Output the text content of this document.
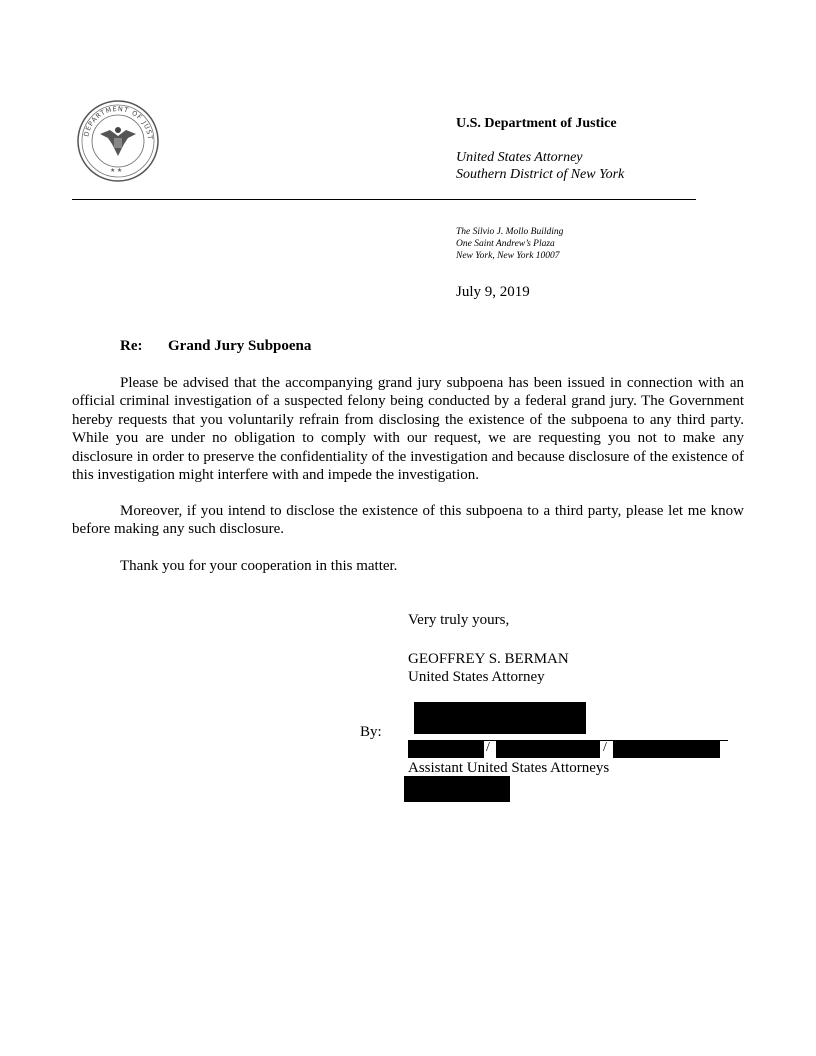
DEPARTMENT OF JUST
★ ★
U.S. Department of Justice
United States Attorney
Southern District of New York
The Silvio J. Mollo Building
One Saint Andrew’s Plaza
New York, New York 10007
July 9, 2019
Re: Grand Jury Subpoena
Please be advised that the accompanying grand jury subpoena has been issued in connection with an official criminal investigation of a suspected felony being conducted by a federal grand jury. The Government hereby requests that you voluntarily refrain from disclosing the existence of the subpoena to any third party. While you are under no obligation to comply with our request, we are requesting you not to make any disclosure in order to preserve the confidentiality of the investigation and because disclosure of the existence of this investigation might interfere with and impede the investigation.
Moreover, if you intend to disclose the existence of this subpoena to a third party, please let me know before making any such disclosure.
Thank you for your cooperation in this matter.
Very truly yours,
GEOFFREY S. BERMAN
United States Attorney
By:
/	/
Assistant United States Attorneys
